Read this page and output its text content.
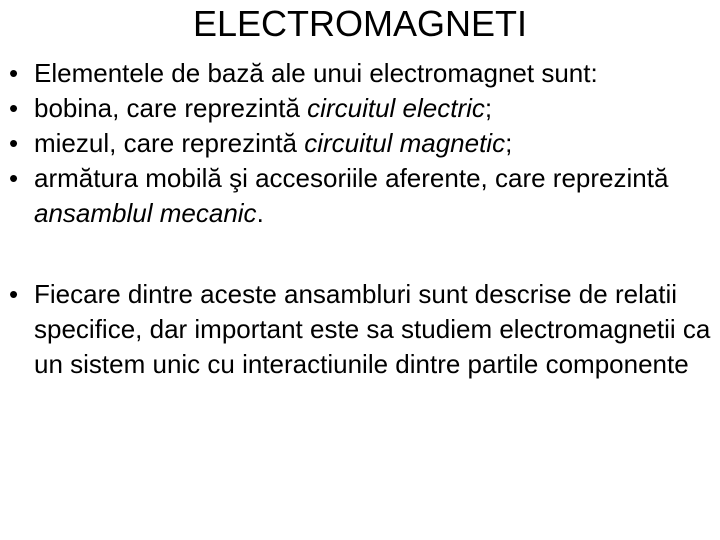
ELECTROMAGNETI
• Elementele de bază ale unui electromagnet sunt:
• bobina, care reprezintă circuitul electric;
• miezul, care reprezintă circuitul magnetic;
• armătura mobilă şi accesoriile aferente, care reprezintă ansamblul mecanic.
• Fiecare dintre aceste ansambluri sunt descrise de relatii specifice, dar important este sa studiem electromagnetii ca un sistem unic cu interactiunile dintre partile componente
